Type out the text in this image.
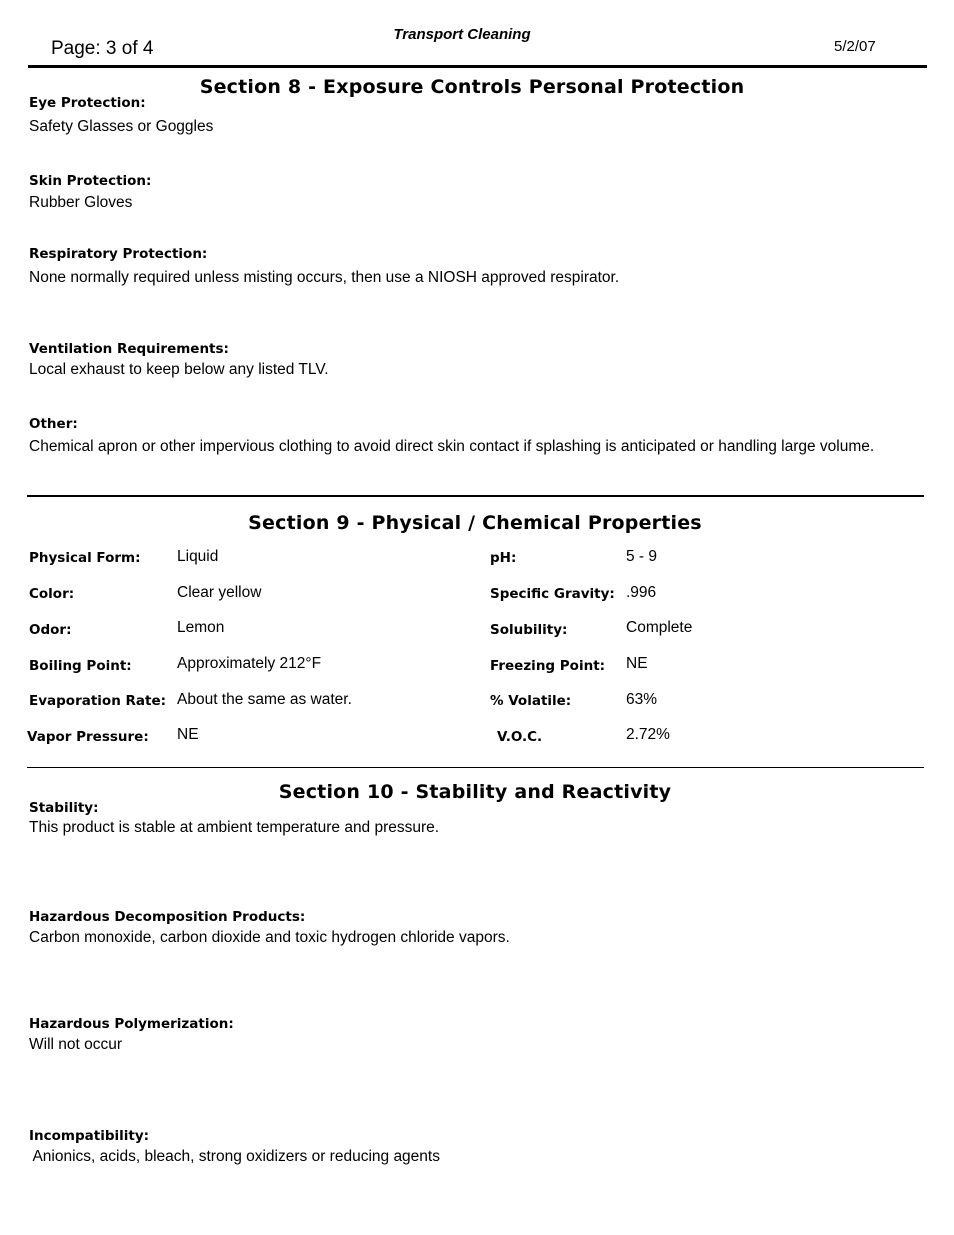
Page: 3 of 4
Transport Cleaning
5/2/07
Section 8 - Exposure Controls Personal Protection
Eye Protection:
Safety Glasses or Goggles
Skin Protection:
Rubber Gloves
Respiratory Protection:
None normally required unless misting occurs, then use a NIOSH approved respirator.
Ventilation Requirements:
Local exhaust to keep below any listed TLV.
Other:
Chemical apron or other impervious clothing to avoid direct skin contact if splashing is anticipated or handling large volume.
Section 9 - Physical / Chemical Properties
Physical Form: Liquid	pH:	5 - 9
Color:	Clear yellow	Specific Gravity: .996
Odor:	Lemon	Solubility:	Complete
Boiling Point:	Approximately 212°F	Freezing Point: NE
Evaporation Rate: About the same as water.	% Volatile:	63%
Vapor Pressure: NE	V.O.C.	2.72%
Section 10 - Stability and Reactivity
Stability:
This product is stable at ambient temperature and pressure.
Hazardous Decomposition Products:
Carbon monoxide, carbon dioxide and toxic hydrogen chloride vapors.
Hazardous Polymerization:
Will not occur
Incompatibility:
Anionics, acids, bleach, strong oxidizers or reducing agents
